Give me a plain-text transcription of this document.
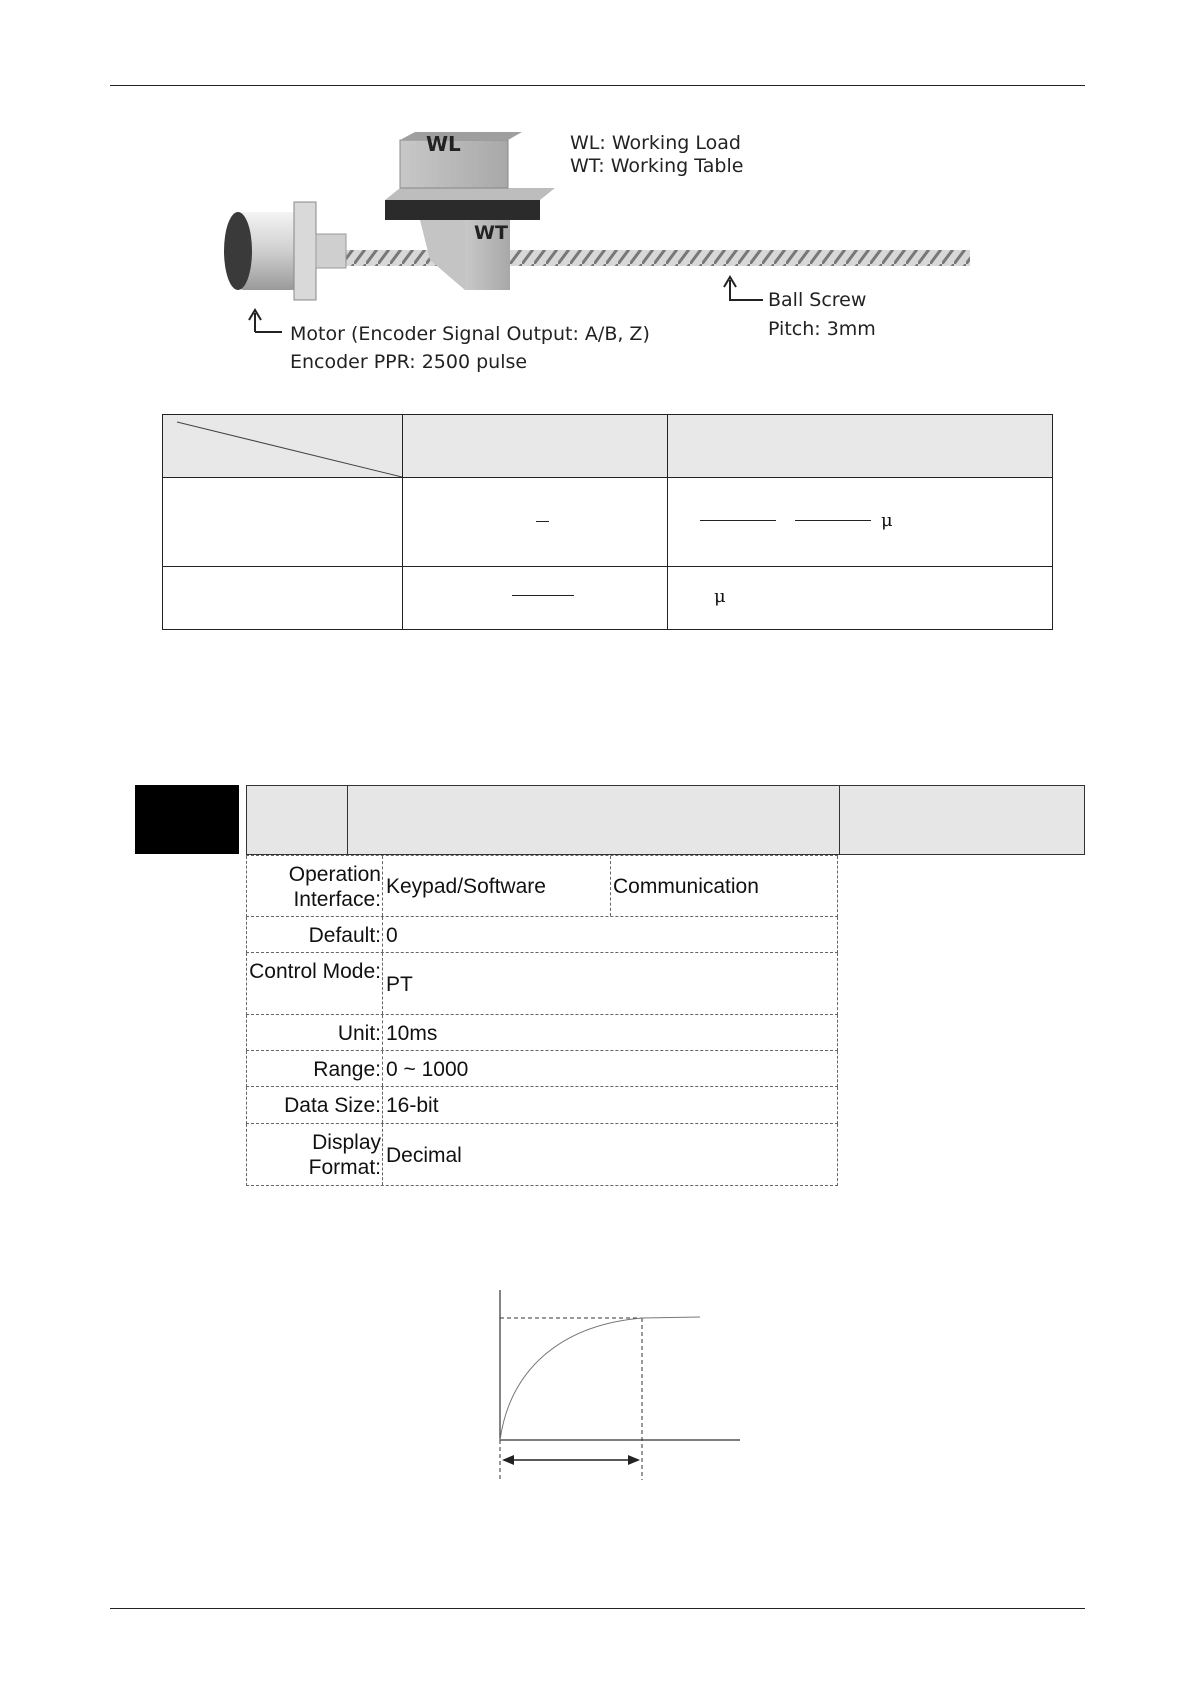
WL
WT
WL: Working Load
WT: Working Table
Motor (Encoder Signal Output: A/B, Z)
Encoder PPR: 2500 pulse
Ball Screw
Pitch: 3mm
μ
μ
Operation Interface:
Keypad/Software	Communication
Default: 0
Control Mode:
PT
Unit: 10ms
Range: 0 ~ 1000
Data Size: 16-bit
Display Format:
Decimal
